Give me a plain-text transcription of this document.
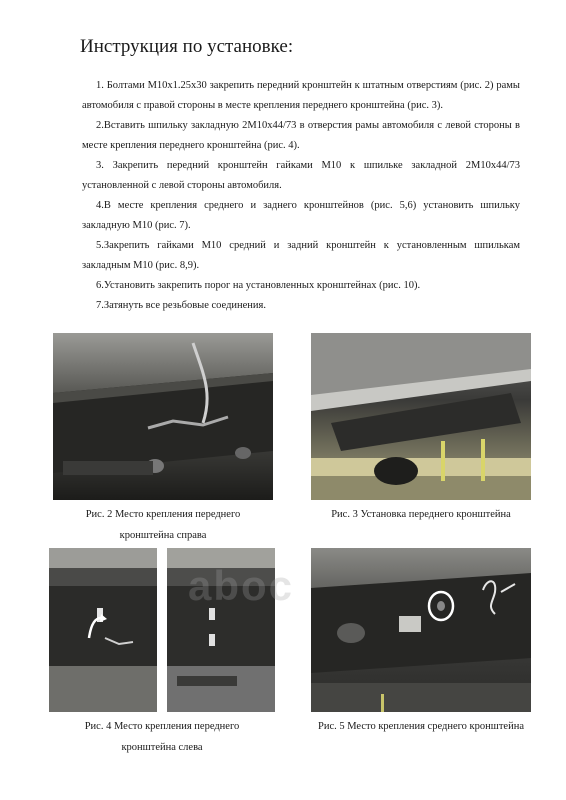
Инструкция по установке:

1. Болтами М10х1.25х30 закрепить передний кронштейн к штатным отверстиям (рис. 2) рамы автомобиля с правой стороны в месте крепления переднего кронштейна (рис. 3).

2.Вставить шпильку закладную 2М10х44/73 в отверстия рамы автомобиля с левой стороны в месте крепления переднего кронштейна (рис. 4).

3. Закрепить передний кронштейн гайками М10 к шпильке закладной 2М10х44/73 установленной с левой стороны автомобиля.

4.В месте крепления среднего и заднего кронштейнов (рис. 5,6) установить шпильку закладную М10 (рис. 7).

5.Закрепить гайками М10 средний и задний кронштейн к установленным шпилькам закладным М10 (рис. 8,9).

6.Установить закрепить порог на установленных кронштейнах (рис. 10).

7.Затянуть все резьбовые соединения.

Рис. 2 Место крепления переднего
кронштейна справа
Рис. 3 Установка переднего кронштейна
Рис. 4 Место крепления переднего
кронштейна слева
Рис. 5 Место крепления среднего кронштейна
aboc
